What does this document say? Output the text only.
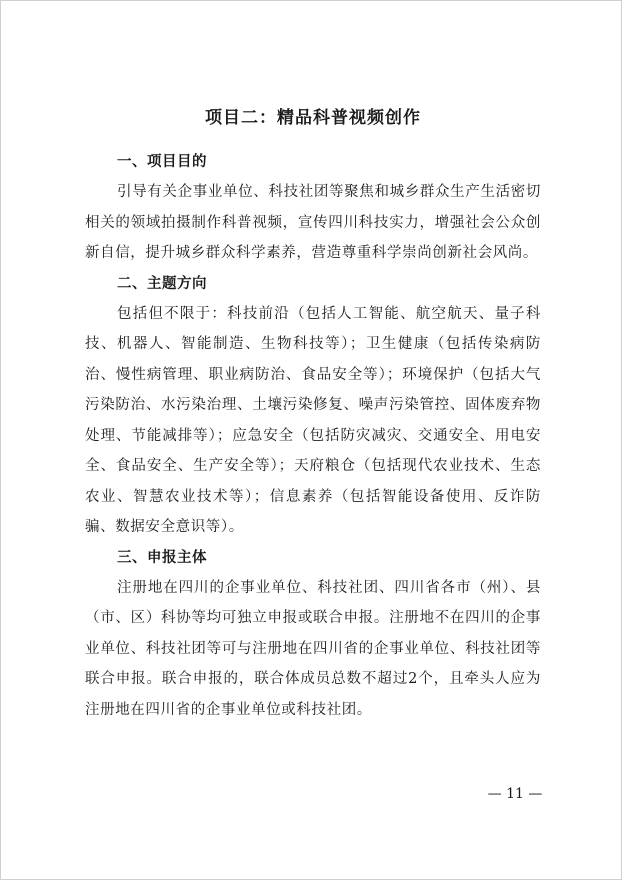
项目二：精品科普视频创作
一、项目目的

引导有关企事业单位、科技社团等聚焦和城乡群众生产生活密切相关的领域拍摄制作科普视频，宣传四川科技实力，增强社会公众创新自信，提升城乡群众科学素养，营造尊重科学崇尚创新社会风尚。

二、主题方向

包括但不限于：科技前沿（包括人工智能、航空航天、量子科技、机器人、智能制造、生物科技等）；卫生健康（包括传染病防治、慢性病管理、职业病防治、食品安全等）；环境保护（包括大气污染防治、水污染治理、土壤污染修复、噪声污染管控、固体废弃物处理、节能减排等）；应急安全（包括防灾减灾、交通安全、用电安全、食品安全、生产安全等）；天府粮仓（包括现代农业技术、生态农业、智慧农业技术等）；信息素养（包括智能设备使用、反诈防骗、数据安全意识等）。

三、申报主体

注册地在四川的企事业单位、科技社团、四川省各市（州）、县（市、区）科协等均可独立申报或联合申报。注册地不在四川的企事业单位、科技社团等可与注册地在四川省的企事业单位、科技社团等联合申报。联合申报的，联合体成员总数不超过2个，且牵头人应为注册地在四川省的企事业单位或科技社团。

— 11 —
